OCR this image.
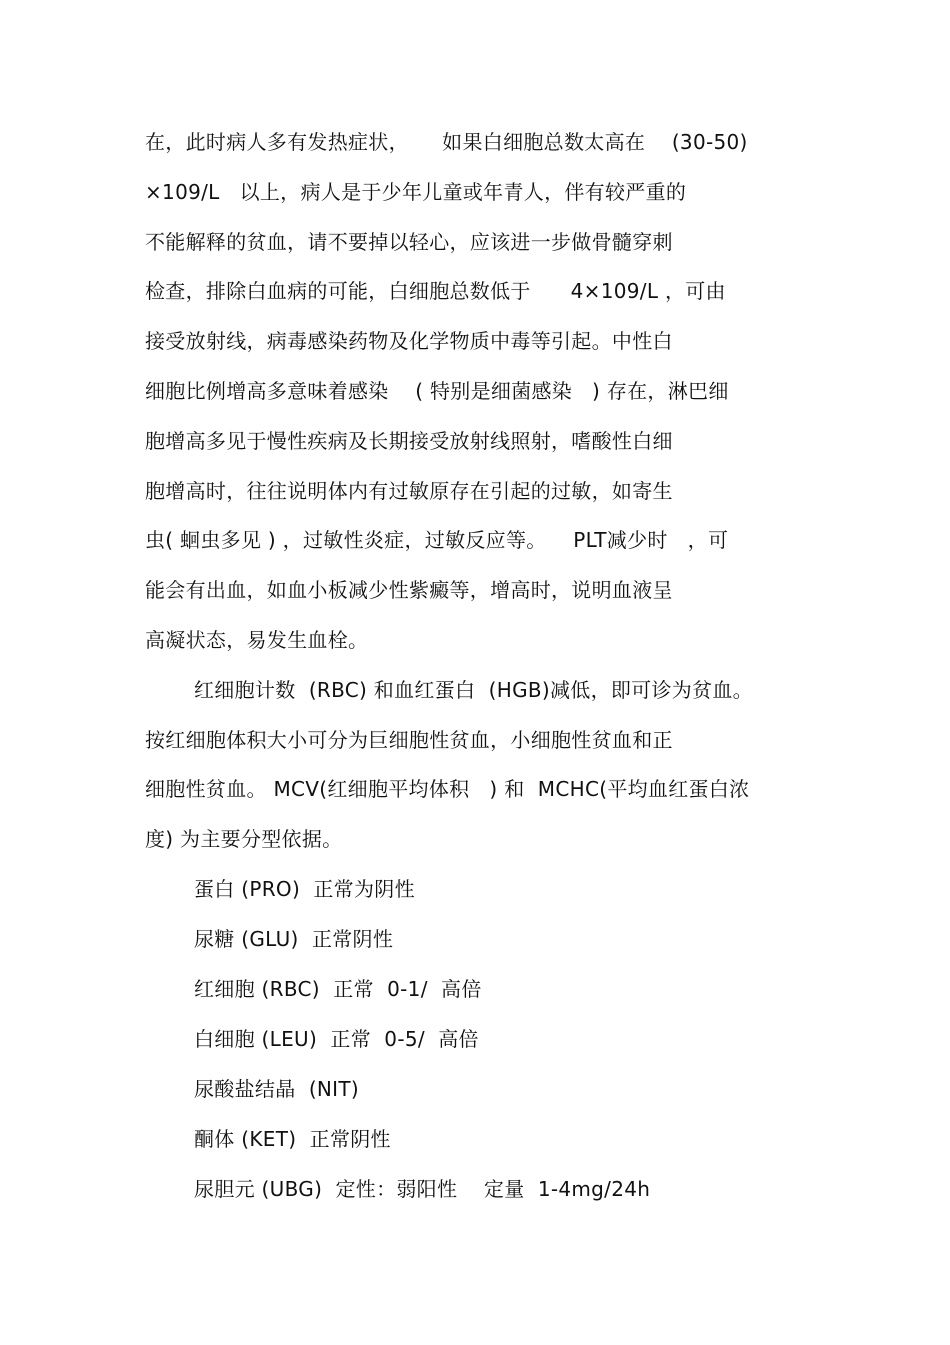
在，此时病人多有发热症状，     如果白细胞总数太高在    (30-50)
×109/L   以上，病人是于少年儿童或年青人，伴有较严重的
不能解释的贫血，请不要掉以轻心，应该进一步做骨髓穿刺
检查，排除白血病的可能，白细胞总数低于      4×109/L ，可由
接受放射线，病毒感染药物及化学物质中毒等引起。中性白
细胞比例增高多意味着感染    ( 特别是细菌感染   ) 存在，淋巴细
胞增高多见于慢性疾病及长期接受放射线照射，嗜酸性白细
胞增高时，往往说明体内有过敏原存在引起的过敏，如寄生
虫( 蛔虫多见 ) ，过敏性炎症，过敏反应等。    PLT减少时   ，可
能会有出血，如血小板减少性紫癜等，增高时，说明血液呈
高凝状态，易发生血栓。
红细胞计数  (RBC) 和血红蛋白  (HGB)减低，即可诊为贫血。
按红细胞体积大小可分为巨细胞性贫血，小细胞性贫血和正
细胞性贫血。 MCV(红细胞平均体积   ) 和  MCHC(平均血红蛋白浓
度) 为主要分型依据。
蛋白 (PRO)  正常为阴性
尿糖 (GLU)  正常阴性
红细胞 (RBC)  正常  0-1/  高倍
白细胞 (LEU)  正常  0-5/  高倍
尿酸盐结晶  (NIT)
酮体 (KET)  正常阴性
尿胆元 (UBG)  定性：弱阳性    定量  1-4mg/24h
